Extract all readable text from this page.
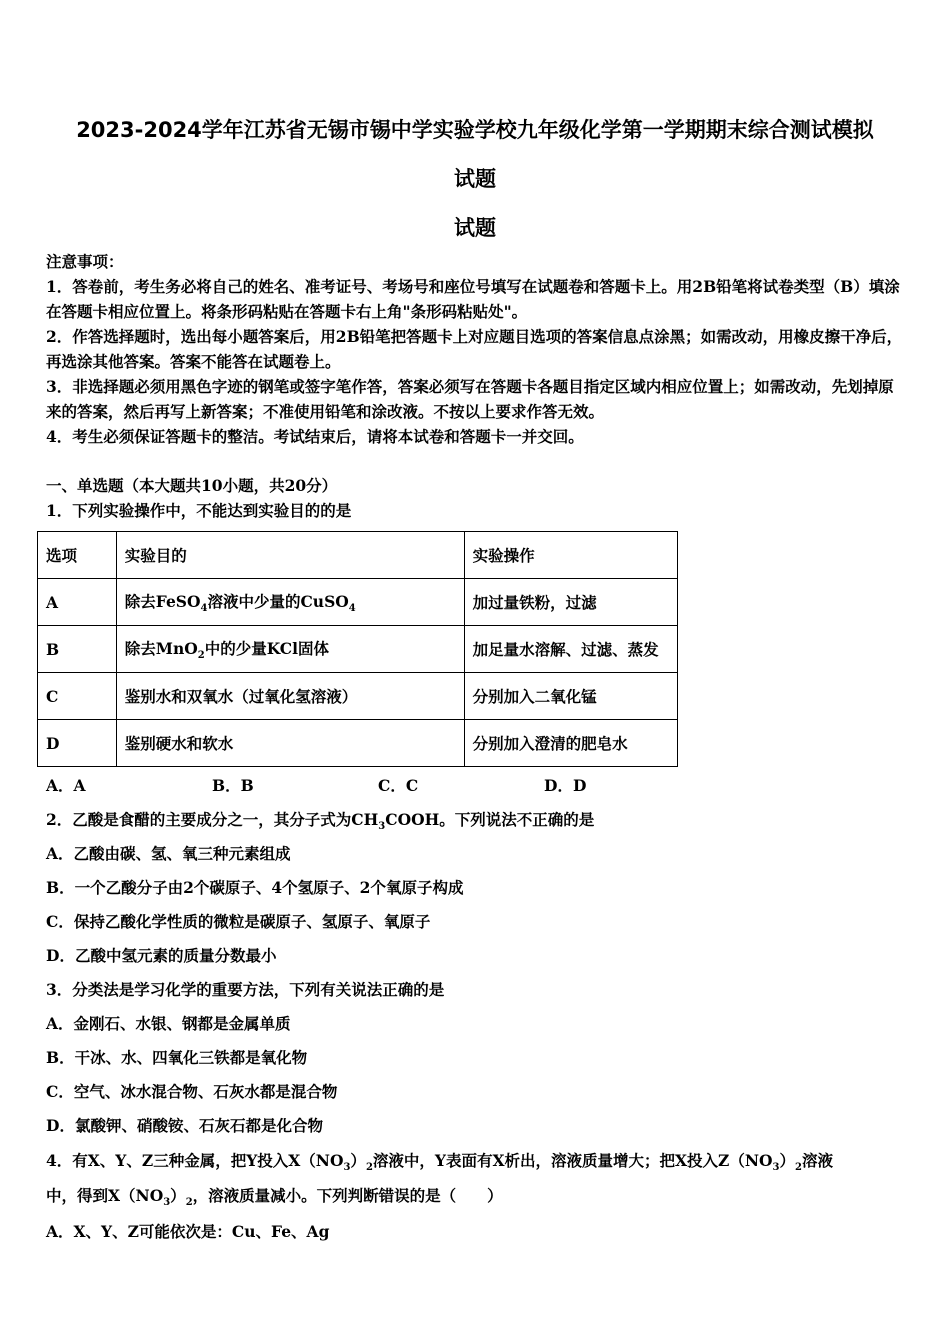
2023-2024学年江苏省无锡市锡中学实验学校九年级化学第一学期期末综合测试模拟
试题
试题

注意事项：

1．答卷前，考生务必将自己的姓名、准考证号、考场号和座位号填写在试题卷和答题卡上。用2B铅笔将试卷类型（B）填涂在答题卡相应位置上。将条形码粘贴在答题卡右上角"条形码粘贴处"。

2．作答选择题时，选出每小题答案后，用2B铅笔把答题卡上对应题目选项的答案信息点涂黑；如需改动，用橡皮擦干净后，再选涂其他答案。答案不能答在试题卷上。

3．非选择题必须用黑色字迹的钢笔或签字笔作答，答案必须写在答题卡各题目指定区域内相应位置上；如需改动，先划掉原来的答案，然后再写上新答案；不准使用铅笔和涂改液。不按以上要求作答无效。

4．考生必须保证答题卡的整洁。考试结束后，请将本试卷和答题卡一并交回。

一、单选题（本大题共10小题，共20分）
1．下列实验操作中，不能达到实验目的的是
选项	实验目的	实验操作
A	除去FeSO$_4$溶液中少量的CuSO$_4$	加过量铁粉，过滤
B	除去MnO$_2$中的少量KCl固体	加足量水溶解、过滤、蒸发
C	鉴别水和双氧水（过氧化氢溶液）	分别加入二氧化锰
D	鉴别硬水和软水	分别加入澄清的肥皂水
A．A	B．B	C．C	D．D
2．乙酸是食醋的主要成分之一，其分子式为$CH_3COOH$。下列说法不正确的是
A．乙酸由碳、氢、氧三种元素组成
B．一个乙酸分子由2个碳原子、4个氢原子、2个氧原子构成
C．保持乙酸化学性质的微粒是碳原子、氢原子、氧原子
D．乙酸中氢元素的质量分数最小
3．分类法是学习化学的重要方法，下列有关说法正确的是
A．金刚石、水银、钢都是金属单质
B．干冰、水、四氧化三铁都是氧化物
C．空气、冰水混合物、石灰水都是混合物
D．氯酸钾、硝酸铵、石灰石都是化合物
4．有X、Y、Z三种金属，把Y投入$X(NO_3)_2$溶液中，Y表面有X析出，溶液质量增大；把X投入$Z(NO_3)_2$溶液
中，得到$X(NO_3)_2$，溶液质量减小。下列判断错误的是（　　）
A．X、Y、Z可能依次是：Cu、Fe、Ag
